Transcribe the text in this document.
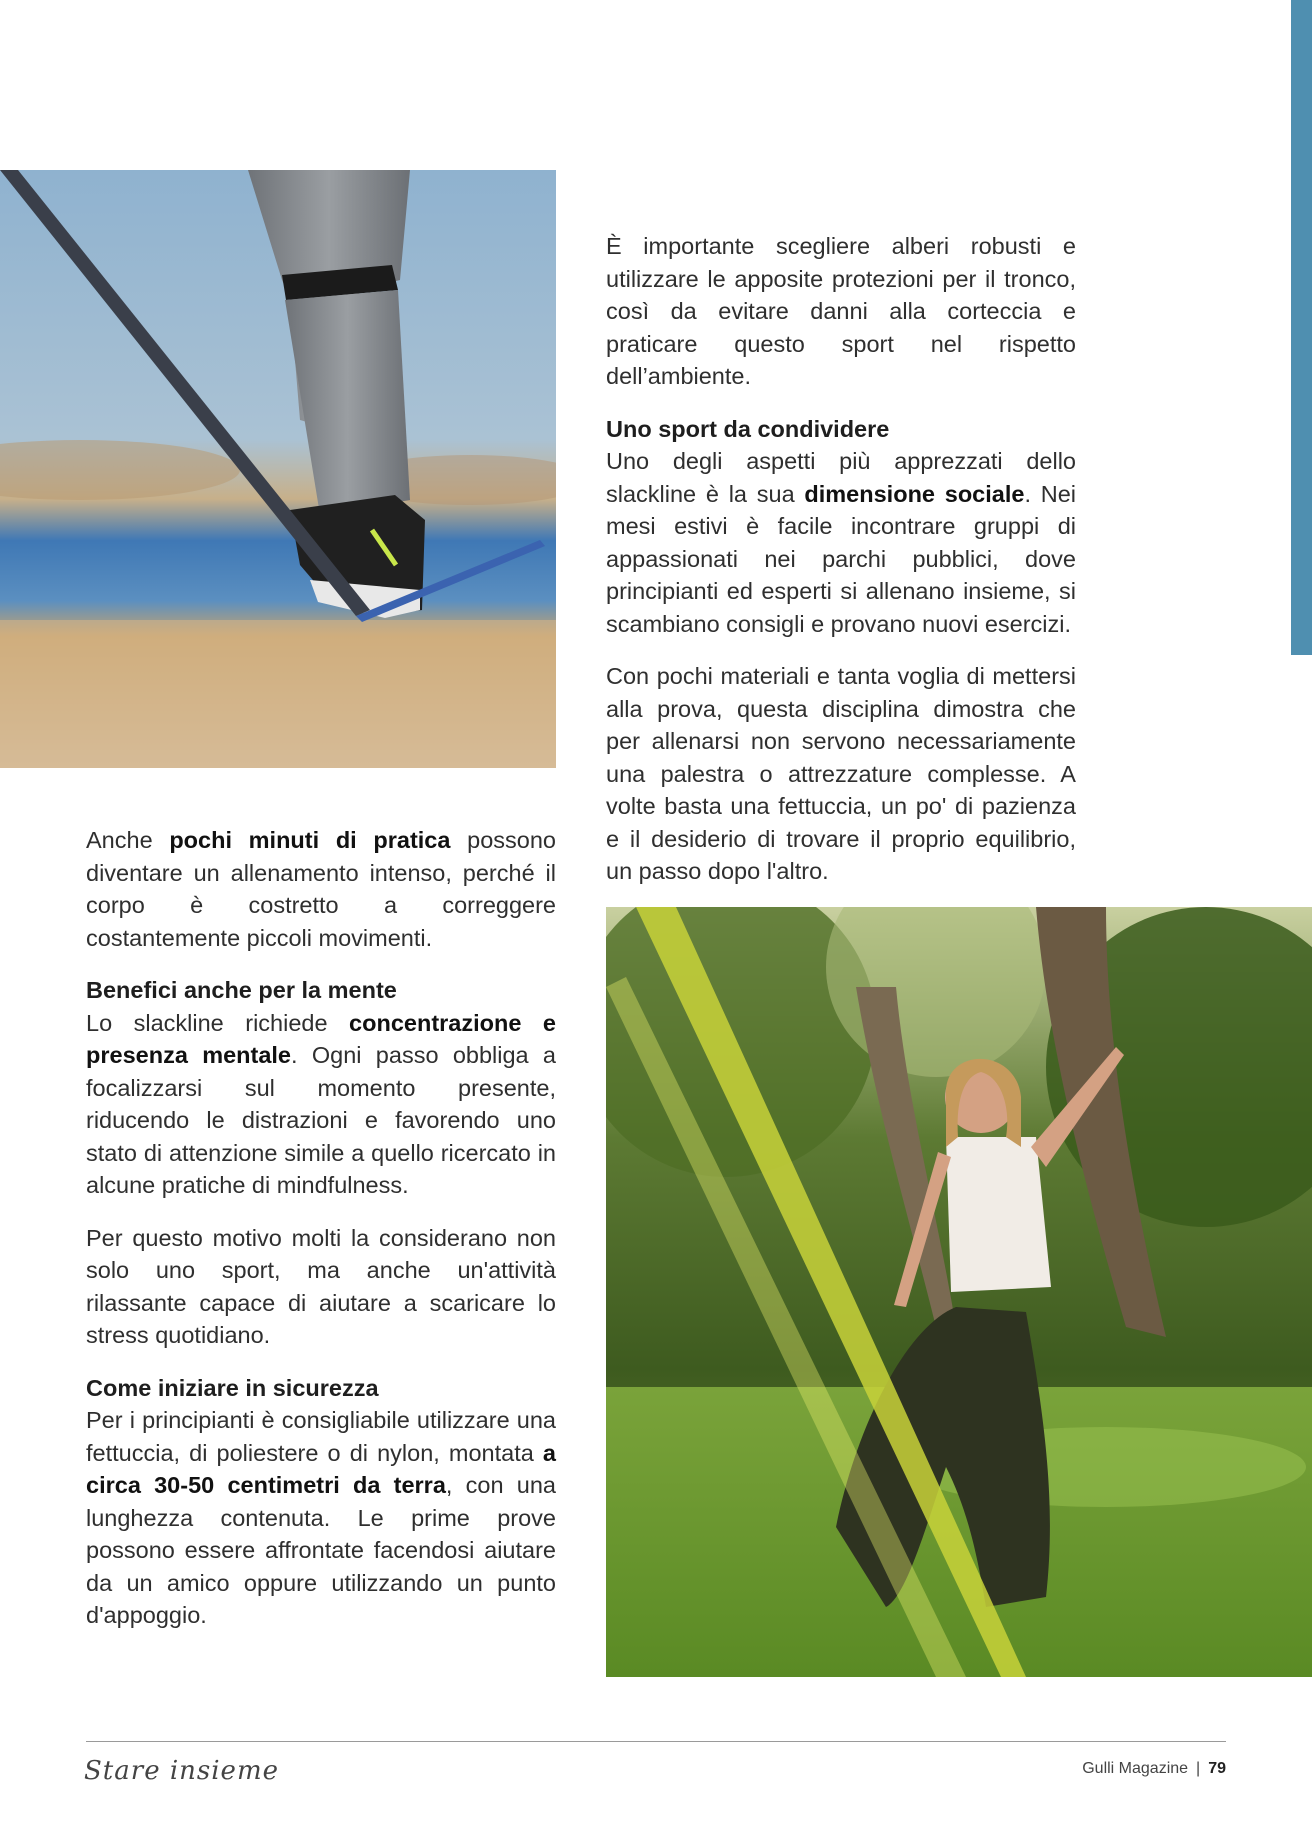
Anche pochi minuti di pratica possono diventare un allenamento intenso, perché il corpo è costretto a correggere costantemente piccoli movimenti.

Benefici anche per la mente

Lo slackline richiede concentrazione e presenza mentale. Ogni passo obbliga a focalizzarsi sul momento presente, riducendo le distrazioni e favorendo uno stato di attenzione simile a quello ricercato in alcune pratiche di mindfulness.

Per questo motivo molti la considerano non solo uno sport, ma anche un'attività rilassante capace di aiutare a scaricare lo stress quotidiano.

Come iniziare in sicurezza

Per i principianti è consigliabile utilizzare una fettuccia, di poliestere o di nylon, montata a circa 30-50 centimetri da terra, con una lunghezza contenuta. Le prime prove possono essere affrontate facendosi aiutare da un amico oppure utilizzando un punto d'appoggio.

È importante scegliere alberi robusti e utilizzare le apposite protezioni per il tronco, così da evitare danni alla corteccia e praticare questo sport nel rispetto dell’ambiente.

Uno sport da condividere

Uno degli aspetti più apprezzati dello slackline è la sua dimensione sociale. Nei mesi estivi è facile incontrare gruppi di appassionati nei parchi pubblici, dove principianti ed esperti si allenano insieme, si scambiano consigli e provano nuovi esercizi.

Con pochi materiali e tanta voglia di mettersi alla prova, questa disciplina dimostra che per allenarsi non servono necessariamente una palestra o attrezzature complesse. A volte basta una fettuccia, un po' di pazienza e il desiderio di trovare il proprio equilibrio, un passo dopo l'altro.

Stare insieme	Gulli Magazine | 79
